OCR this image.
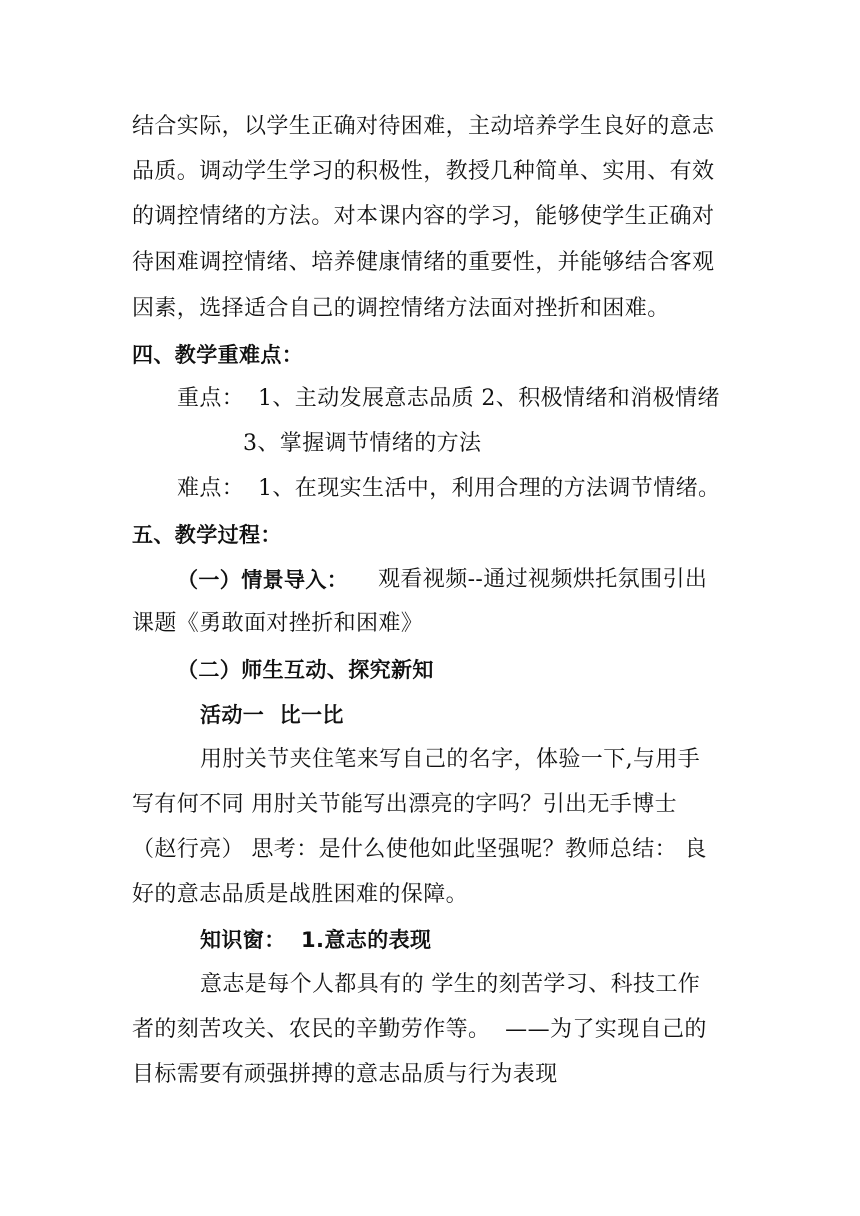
结合实际，以学生正确对待困难，主动培养学生良好的意志
品质。调动学生学习的积极性，教授几种简单、实用、有效
的调控情绪的方法。对本课内容的学习，能够使学生正确对
待困难调控情绪、培养健康情绪的重要性，并能够结合客观
因素，选择适合自己的调控情绪方法面对挫折和困难。
四、教学重难点：
重点： 1、主动发展意志品质 2、积极情绪和消极情绪
3、掌握调节情绪的方法
难点： 1、在现实生活中，利用合理的方法调节情绪。
五、教学过程：
（一）情景导入： 观看视频--通过视频烘托氛围引出
课题《勇敢面对挫折和困难》
（二）师生互动、探究新知
活动一  比一比
用肘关节夹住笔来写自己的名字，体验一下,与用手
写有何不同 用肘关节能写出漂亮的字吗？引出无手博士
（赵行亮） 思考：是什么使他如此坚强呢？教师总结： 良
好的意志品质是战胜困难的保障。
知识窗：  1.意志的表现
意志是每个人都具有的 学生的刻苦学习、科技工作
者的刻苦攻关、农民的辛勤劳作等。  ——为了实现自己的
目标需要有顽强拼搏的意志品质与行为表现
